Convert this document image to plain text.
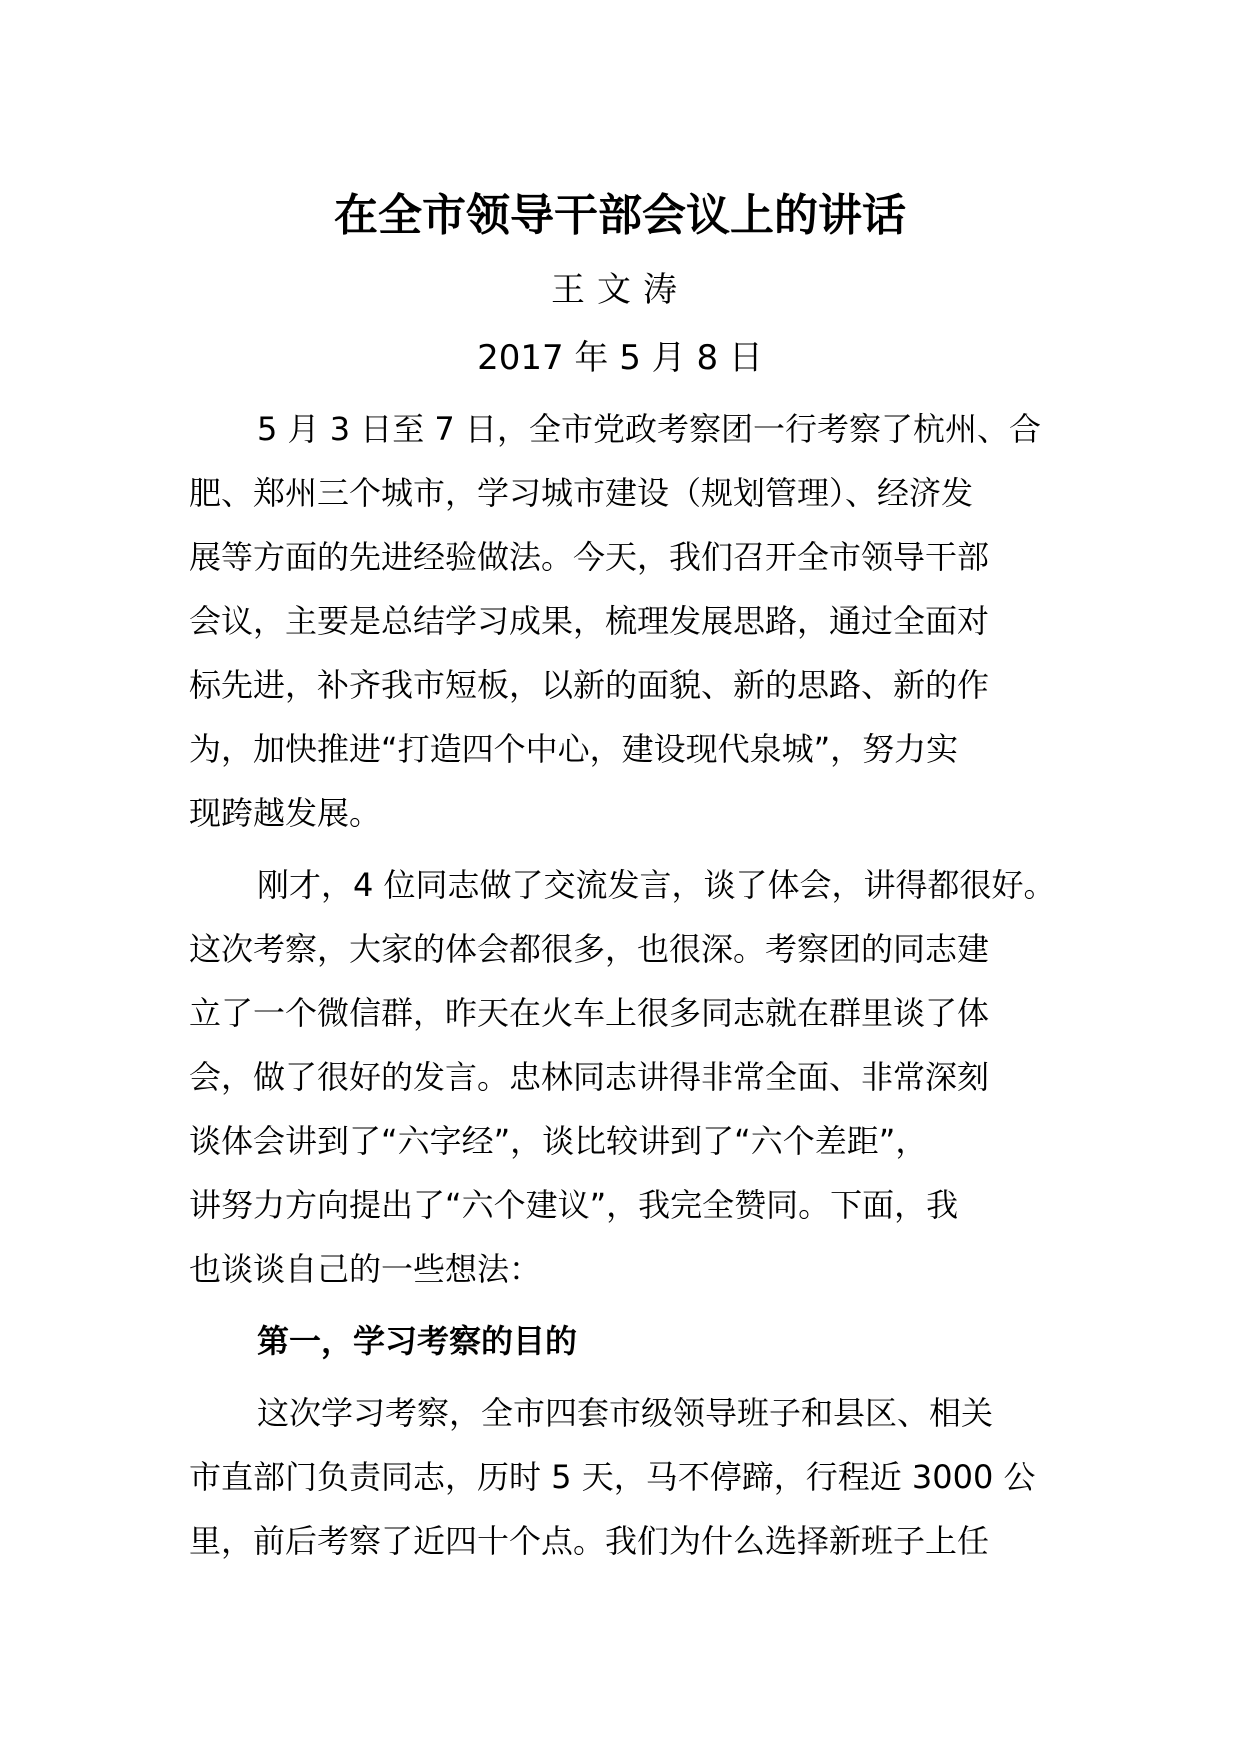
在全市领导干部会议上的讲话
王文涛
2017 年 5 月 8 日
5 月 3 日至 7 日，全市党政考察团一行考察了杭州、合
肥、郑州三个城市，学习城市建设（规划管理）、经济发
展等方面的先进经验做法。今天，我们召开全市领导干部
会议，主要是总结学习成果，梳理发展思路，通过全面对
标先进，补齐我市短板，以新的面貌、新的思路、新的作
为，加快推进“打造四个中心，建设现代泉城”，努力实
现跨越发展。
刚才，4 位同志做了交流发言，谈了体会，讲得都很好。
这次考察，大家的体会都很多，也很深。考察团的同志建
立了一个微信群，昨天在火车上很多同志就在群里谈了体
会，做了很好的发言。忠林同志讲得非常全面、非常深刻
谈体会讲到了“六字经”，谈比较讲到了“六个差距”，
讲努力方向提出了“六个建议”，我完全赞同。下面，我
也谈谈自己的一些想法：
第一，学习考察的目的
这次学习考察，全市四套市级领导班子和县区、相关
市直部门负责同志，历时 5 天，马不停蹄，行程近 3000 公
里，前后考察了近四十个点。我们为什么选择新班子上任
